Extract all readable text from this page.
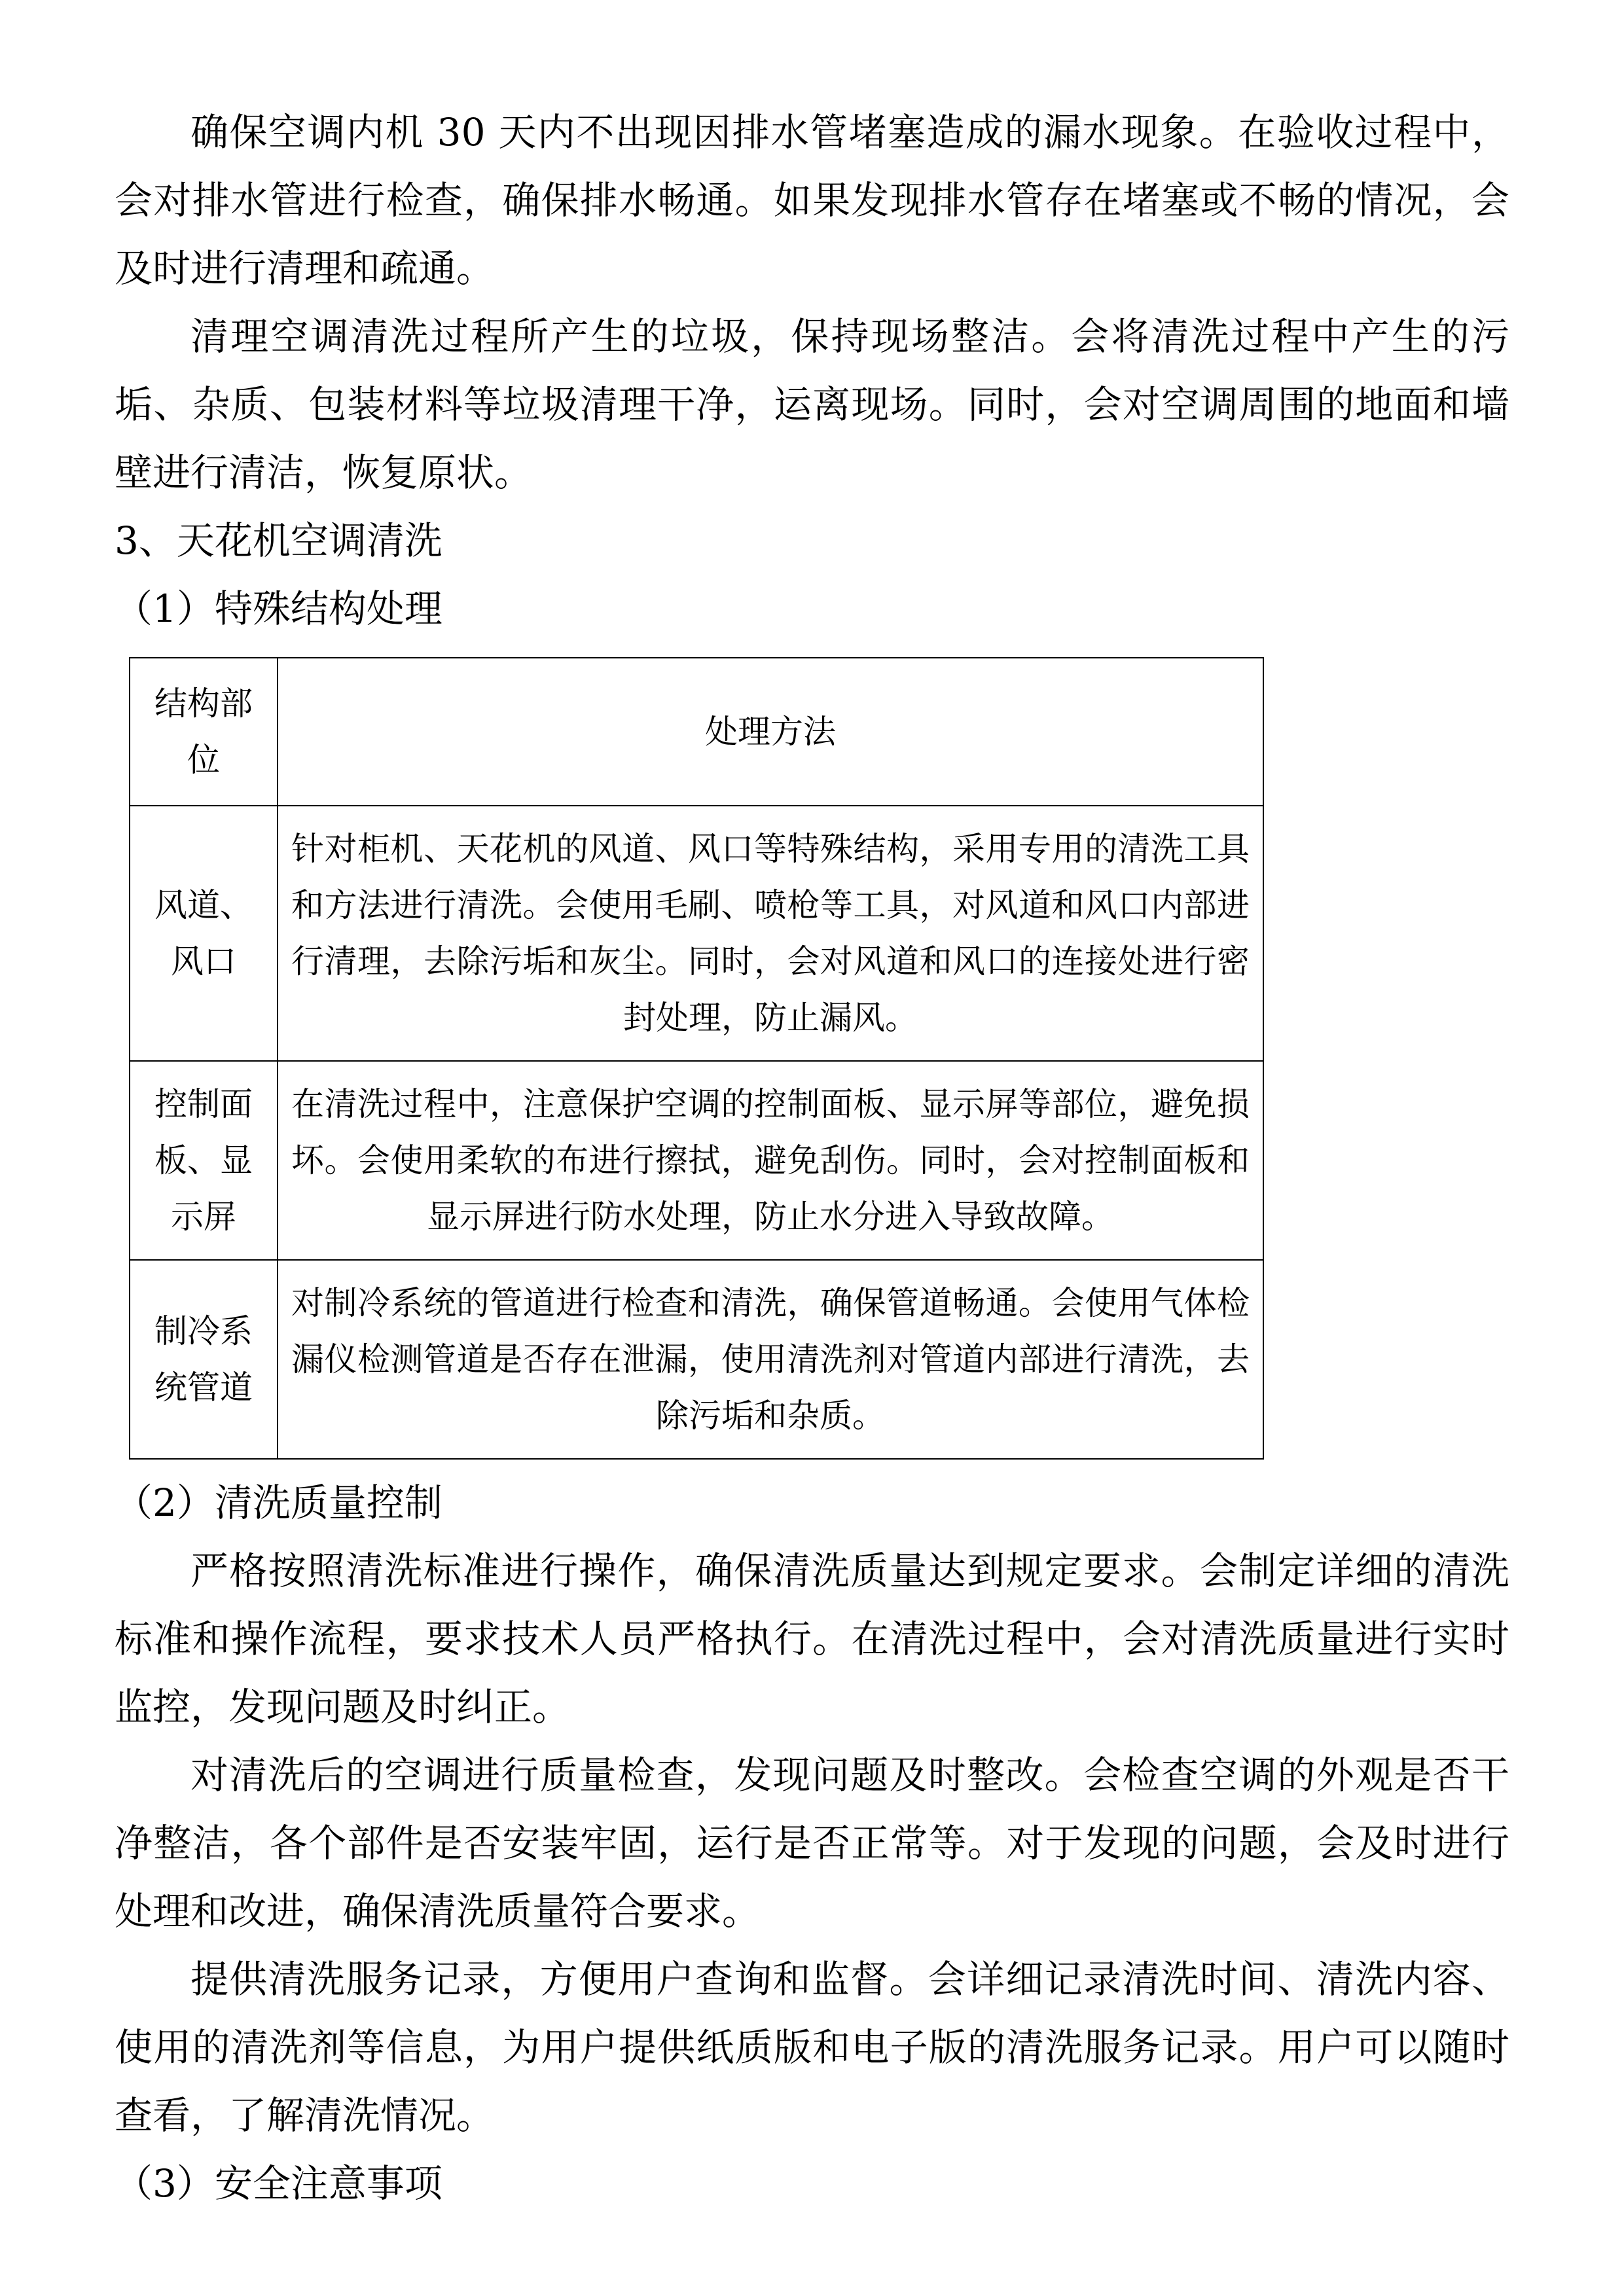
确保空调内机 30 天内不出现因排水管堵塞造成的漏水现象。在验收过程中，会对排水管进行检查，确保排水畅通。如果发现排水管存在堵塞或不畅的情况，会及时进行清理和疏通。

清理空调清洗过程所产生的垃圾，保持现场整洁。会将清洗过程中产生的污垢、杂质、包装材料等垃圾清理干净，运离现场。同时，会对空调周围的地面和墙壁进行清洁，恢复原状。

3、天花机空调清洗

（1）特殊结构处理

结构部位	处理方法
风道、风口	针对柜机、天花机的风道、风口等特殊结构，采用专用的清洗工具和方法进行清洗。会使用毛刷、喷枪等工具，对风道和风口内部进行清理，去除污垢和灰尘。同时，会对风道和风口的连接处进行密封处理，防止漏风。
控制面板、显示屏	在清洗过程中，注意保护空调的控制面板、显示屏等部位，避免损坏。会使用柔软的布进行擦拭，避免刮伤。同时，会对控制面板和显示屏进行防水处理，防止水分进入导致故障。
制冷系统管道	对制冷系统的管道进行检查和清洗，确保管道畅通。会使用气体检漏仪检测管道是否存在泄漏，使用清洗剂对管道内部进行清洗，去除污垢和杂质。

（2）清洗质量控制

严格按照清洗标准进行操作，确保清洗质量达到规定要求。会制定详细的清洗标准和操作流程，要求技术人员严格执行。在清洗过程中，会对清洗质量进行实时监控，发现问题及时纠正。

对清洗后的空调进行质量检查，发现问题及时整改。会检查空调的外观是否干净整洁，各个部件是否安装牢固，运行是否正常等。对于发现的问题，会及时进行处理和改进，确保清洗质量符合要求。

提供清洗服务记录，方便用户查询和监督。会详细记录清洗时间、清洗内容、使用的清洗剂等信息，为用户提供纸质版和电子版的清洗服务记录。用户可以随时查看，了解清洗情况。

（3）安全注意事项
